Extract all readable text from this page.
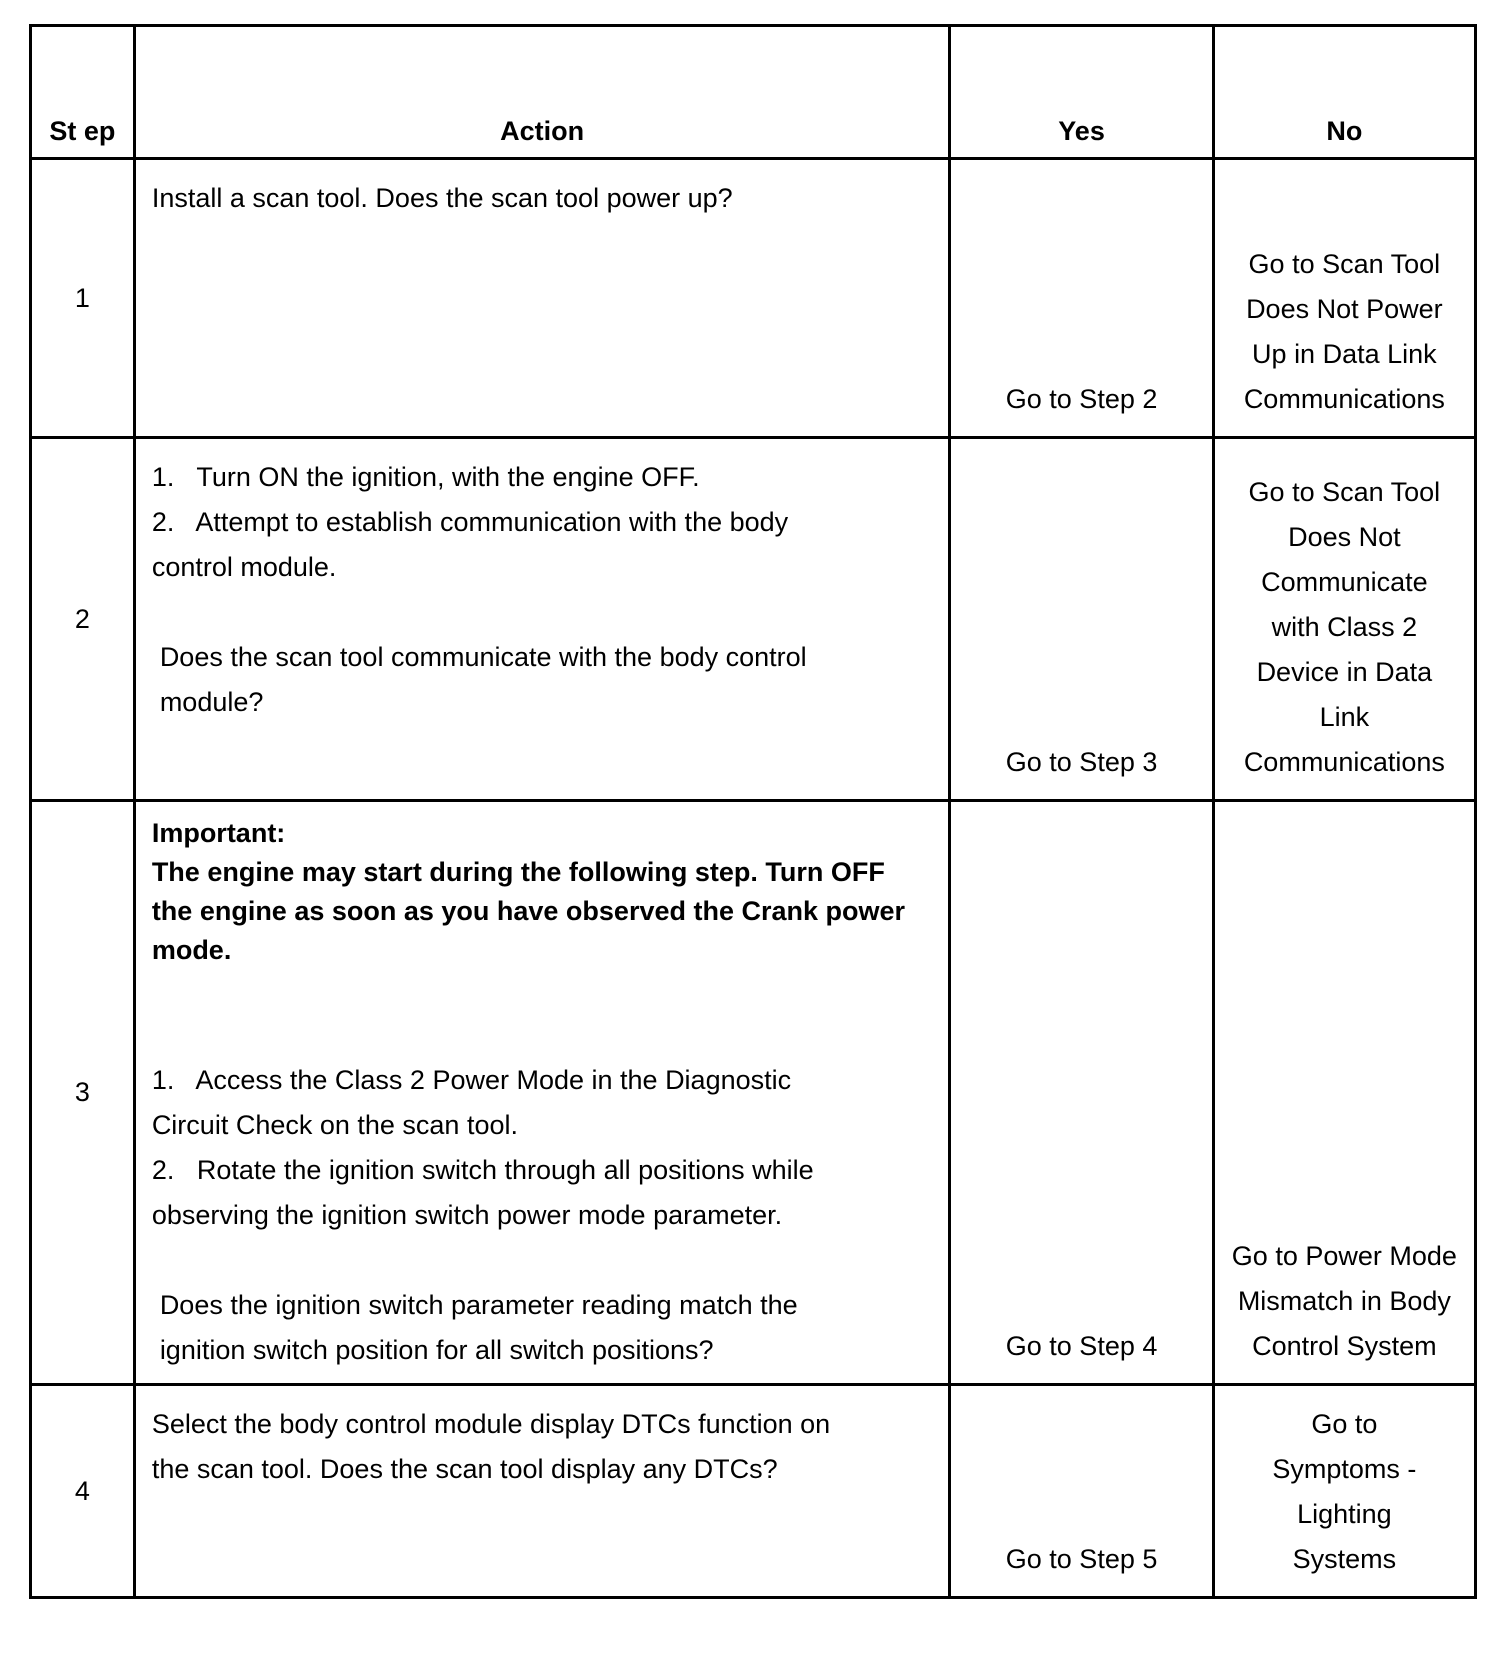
St ep	Action	Yes	No
1	Install a scan tool. Does the scan tool power up?	Go to Step 2	Go to Scan Tool Does Not Power Up in Data Link Communications
2	1.   Turn ON the ignition, with the engine OFF.
2.   Attempt to establish communication with the body control module.
Does the scan tool communicate with the body control module?	Go to Step 3	Go to Scan Tool Does Not Communicate with Class 2 Device in Data Link Communications
3	Important:
The engine may start during the following step. Turn OFF the engine as soon as you have observed the Crank power mode.
1.   Access the Class 2 Power Mode in the Diagnostic Circuit Check on the scan tool.
2.   Rotate the ignition switch through all positions while observing the ignition switch power mode parameter.
Does the ignition switch parameter reading match the ignition switch position for all switch positions?	Go to Step 4	Go to Power Mode Mismatch in Body Control System
4	Select the body control module display DTCs function on the scan tool. Does the scan tool display any DTCs?	Go to Step 5	Go to Symptoms - Lighting Systems
